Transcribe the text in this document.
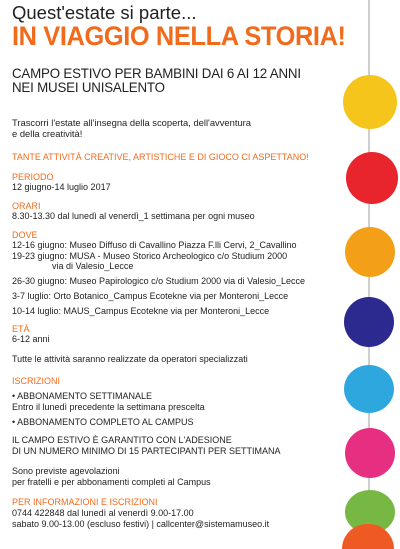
Quest'estate si parte...
IN VIAGGIO NELLA STORIA!
CAMPO ESTIVO PER BAMBINI DAI 6 AI 12 ANNI
NEI MUSEI UNISALENTO
Trascorri l'estate all'insegna della scoperta, dell'avventura
e della creatività!
TANTE ATTIVITÀ CREATIVE, ARTISTICHE E DI GIOCO CI ASPETTANO!
PERIODO
12 giugno-14 luglio 2017
ORARI
8.30-13.30 dal lunedì al venerdì_1 settimana per ogni museo
DOVE
12-16 giugno: Museo Diffuso di Cavallino Piazza F.lli Cervi, 2_Cavallino
19-23 giugno: MUSA - Museo Storico Archeologico c/o Studium 2000
via di Valesio_Lecce
26-30 giugno: Museo Papirologico c/o Studium 2000 via di Valesio_Lecce
3-7 luglio: Orto Botanico_Campus Ecotekne via per Monteroni_Lecce
10-14 luglio: MAUS_Campus Ecotekne via per Monteroni_Lecce
ETÀ
6-12 anni
Tutte le attività saranno realizzate da operatori specializzati
ISCRIZIONI
• ABBONAMENTO SETTIMANALE
Entro il lunedì precedente la settimana prescelta
• ABBONAMENTO COMPLETO AL CAMPUS
IL CAMPO ESTIVO È GARANTITO CON L'ADESIONE
DI UN NUMERO MINIMO DI 15 PARTECIPANTI PER SETTIMANA
Sono previste agevolazioni
per fratelli e per abbonamenti completi al Campus
PER INFORMAZIONI E ISCRIZIONI
0744 422848 dal lunedì al venerdì 9.00-17.00
sabato 9.00-13.00 (escluso festivi) | callcenter@sistemamuseo.it
